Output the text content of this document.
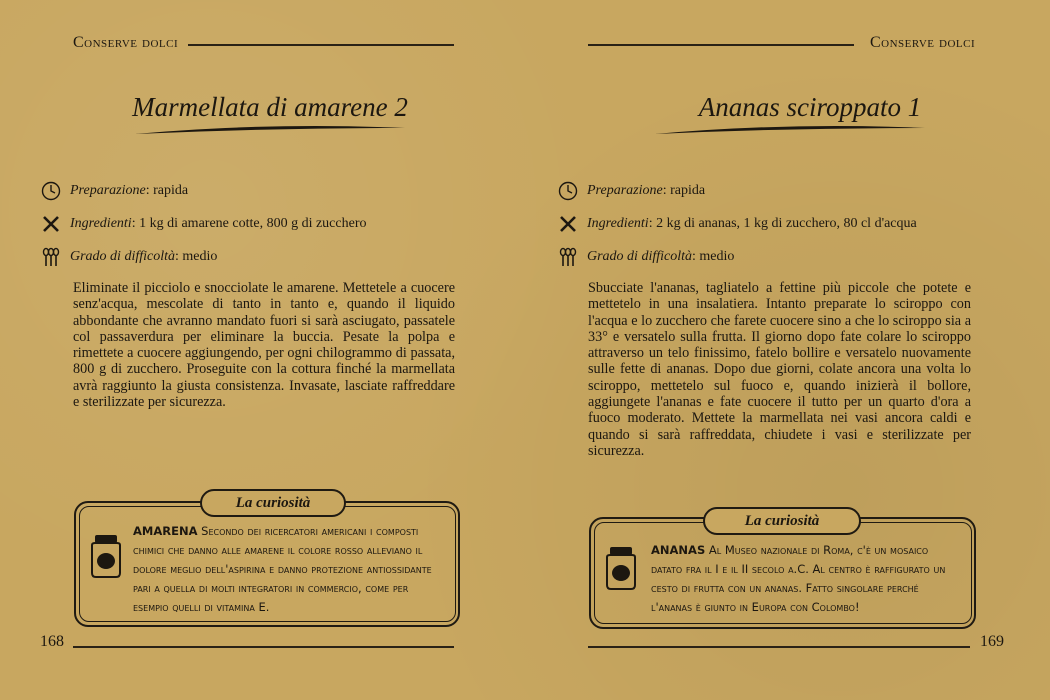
Conserve dolci
Marmellata di amarene 2
Preparazione : rapida
Ingredienti : 1 kg di amarene cotte, 800 g di zucchero
Grado di difficoltà : medio
Eliminate il picciolo e snocciolate le amarene. Mettetele a cuocere senz'acqua, mescolate di tanto in tanto e, quando il liquido abbondante che avranno mandato fuori si sarà asciugato, passatele col passaverdura per eliminare la buccia. Pesate la polpa e rimettete a cuocere aggiungendo, per ogni chilogrammo di passata, 800 g di zucchero. Proseguite con la cottura finché la marmellata avrà raggiunto la giusta consistenza. Invasate, lasciate raffreddare e sterilizzate per sicurezza.
La curiosità
AMARENA Secondo dei ricercatori americani i composti chimici che danno alle amarene il colore rosso alleviano il dolore meglio dell'aspirina e danno protezione antiossidante pari a quella di molti integratori in commercio, come per esempio quelli di vitamina E.
168
Conserve dolci
Ananas sciroppato 1
Preparazione : rapida
Ingredienti : 2 kg di ananas, 1 kg di zucchero, 80 cl d'acqua
Grado di difficoltà : medio
Sbucciate l'ananas, tagliatelo a fettine più piccole che potete e mettetelo in una insalatiera. Intanto preparate lo sciroppo con l'acqua e lo zucchero che farete cuocere sino a che lo sciroppo sia a 33° e versatelo sulla frutta. Il giorno dopo fate colare lo sciroppo attraverso un telo finissimo, fatelo bollire e versatelo nuovamente sulle fette di ananas. Dopo due giorni, colate ancora una volta lo sciroppo, mettetelo sul fuoco e, quando inizierà il bollore, aggiungete l'ananas e fate cuocere il tutto per un quarto d'ora a fuoco moderato. Mettete la marmellata nei vasi ancora caldi e quando si sarà raffreddata, chiudete i vasi e sterilizzate per sicurezza.
La curiosità
ANANAS Al Museo nazionale di Roma, c'è un mosaico datato fra il I e il II secolo a.C. Al centro è raffigurato un cesto di frutta con un ananas. Fatto singolare perché l'ananas è giunto in Europa con Colombo!
169
